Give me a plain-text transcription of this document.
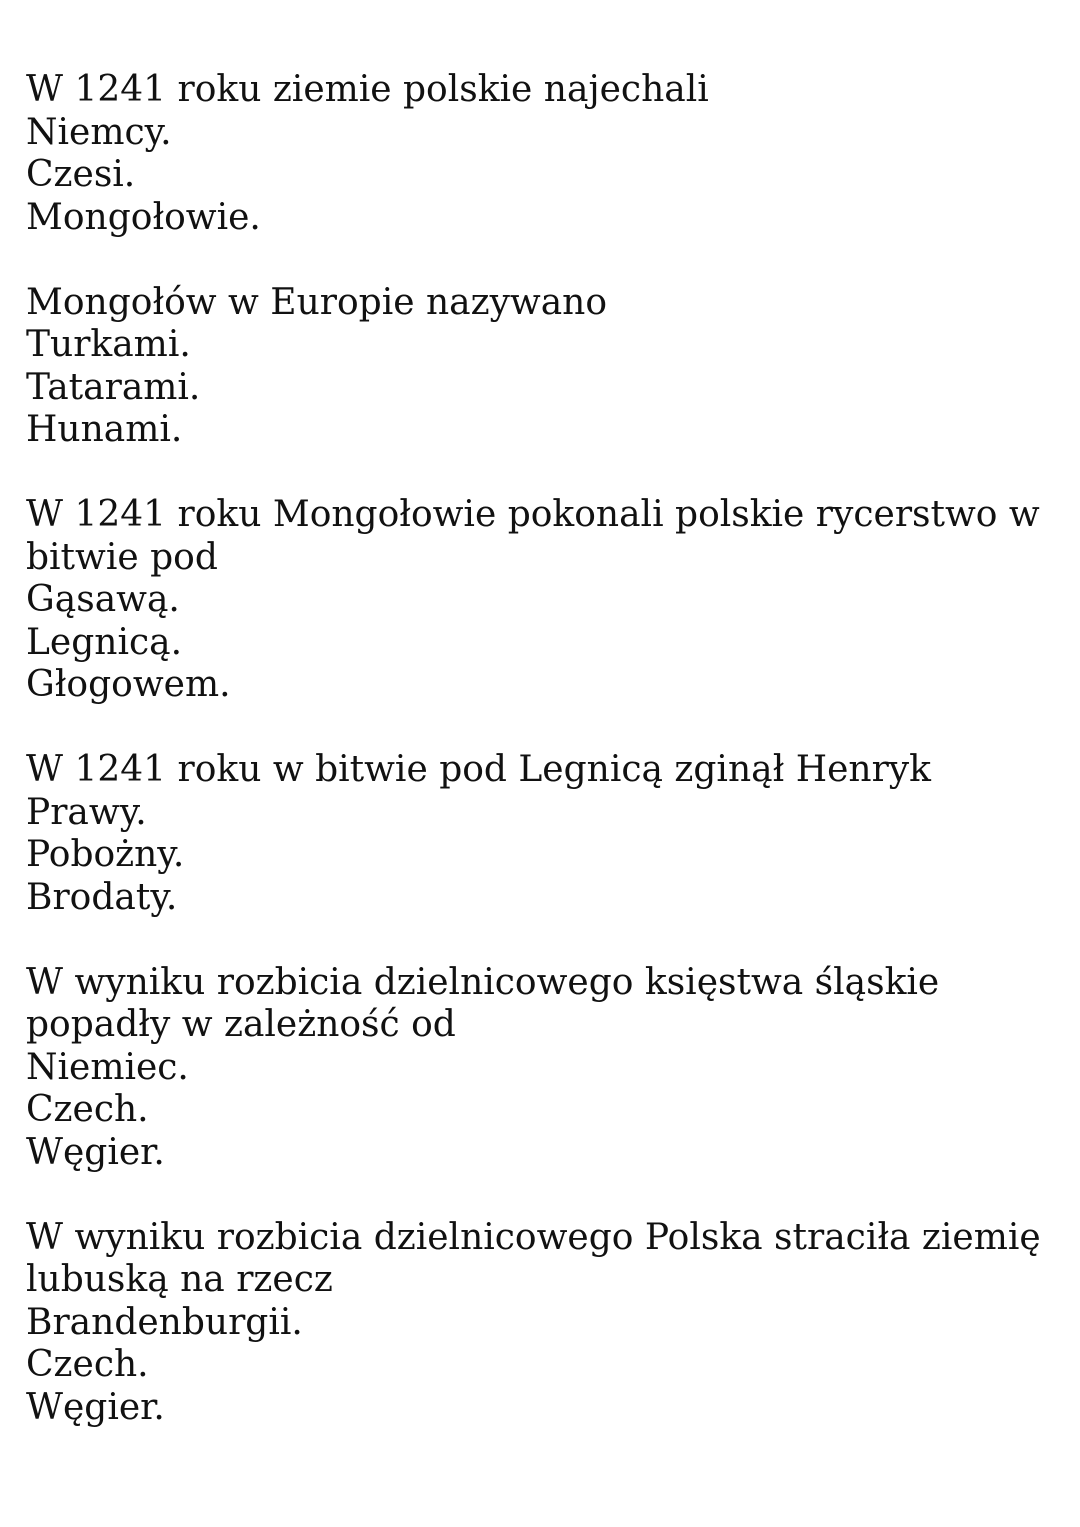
W 1241 roku ziemie polskie najechali
Niemcy.
Czesi.
Mongołowie.
Mongołów w Europie nazywano
Turkami.
Tatarami.
Hunami.
W 1241 roku Mongołowie pokonali polskie rycerstwo w
bitwie pod
Gąsawą.
Legnicą.
Głogowem.
W 1241 roku w bitwie pod Legnicą zginął Henryk
Prawy.
Pobożny.
Brodaty.
W wyniku rozbicia dzielnicowego księstwa śląskie
popadły w zależność od
Niemiec.
Czech.
Węgier.
W wyniku rozbicia dzielnicowego Polska straciła ziemię
lubuską na rzecz
Brandenburgii.
Czech.
Węgier.
